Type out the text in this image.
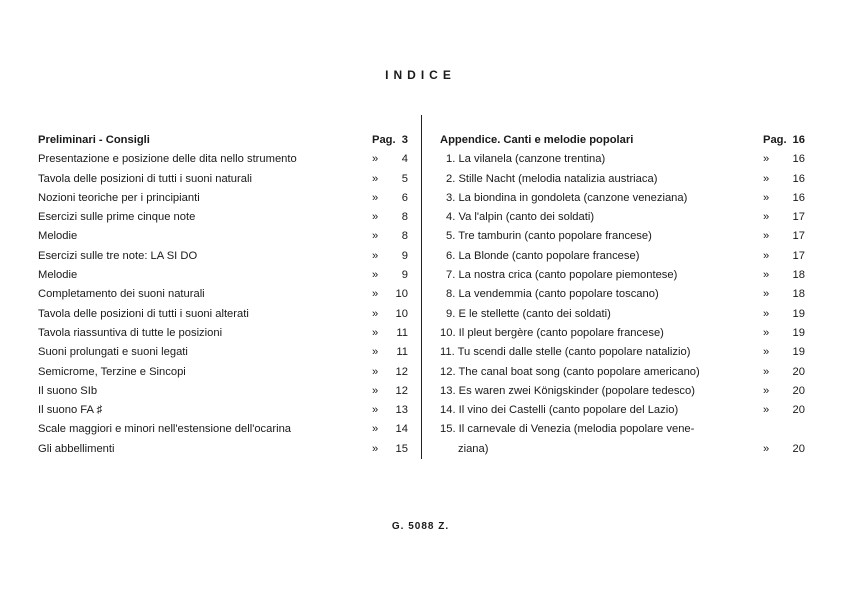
INDICE
Preliminari - Consigli	Pag. 3
Presentazione e posizione delle dita nello strumento	» 4
Tavola delle posizioni di tutti i suoni naturali	» 5
Nozioni teoriche per i principianti	» 6
Esercizi sulle prime cinque note	» 8
Melodie	» 8
Esercizi sulle tre note: LA SI DO	» 9
Melodie	» 9
Completamento dei suoni naturali	» 10
Tavola delle posizioni di tutti i suoni alterati	» 10
Tavola riassuntiva di tutte le posizioni	» 11
Suoni prolungati e suoni legati	» 11
Semicrome, Terzine e Sincopi	» 12
Il suono SIb	» 12
Il suono FA ♯	» 13
Scale maggiori e minori nell'estensione dell'ocarina	» 14
Gli abbellimenti	» 15
Appendice. Canti e melodie popolari	Pag. 16
1. La vilanela (canzone trentina)	» 16
2. Stille Nacht (melodia natalizia austriaca)	» 16
3. La biondina in gondoleta (canzone veneziana)	» 16
4. Va l'alpin (canto dei soldati)	» 17
5. Tre tamburin (canto popolare francese)	» 17
6. La Blonde (canto popolare francese)	» 17
7. La nostra crica (canto popolare piemontese)	» 18
8. La vendemmia (canto popolare toscano)	» 18
9. E le stellette (canto dei soldati)	» 19
10. Il pleut bergère (canto popolare francese)	» 19
11. Tu scendi dalle stelle (canto popolare natalizio)	» 19
12. The canal boat song (canto popolare americano)	» 20
13. Es waren zwei Königskinder (popolare tedesco)	» 20
14. Il vino dei Castelli (canto popolare del Lazio)	» 20
15. Il carnevale di Venezia (melodia popolare vene-
ziana)	» 20
G. 5088 Z.
